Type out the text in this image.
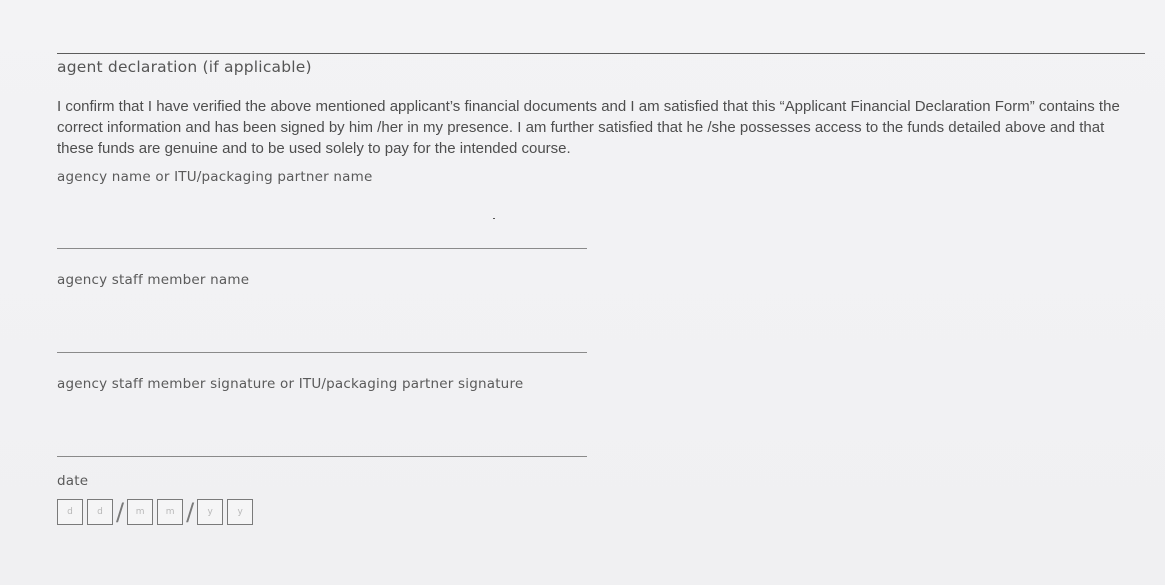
agent declaration (if applicable)

I confirm that I have verified the above mentioned applicant’s financial documents and I am satisfied that this “Applicant Financial Declaration Form” contains the correct information and has been signed by him /her in my presence. I am further satisfied that he /she possesses access to the funds detailed above and that these funds are genuine and to be used solely to pay for the intended course.

agency name or ITU/packaging partner name
agency staff member name
agency staff member signature or ITU/packaging partner signature
date
d	d /	m	m /	y	y
